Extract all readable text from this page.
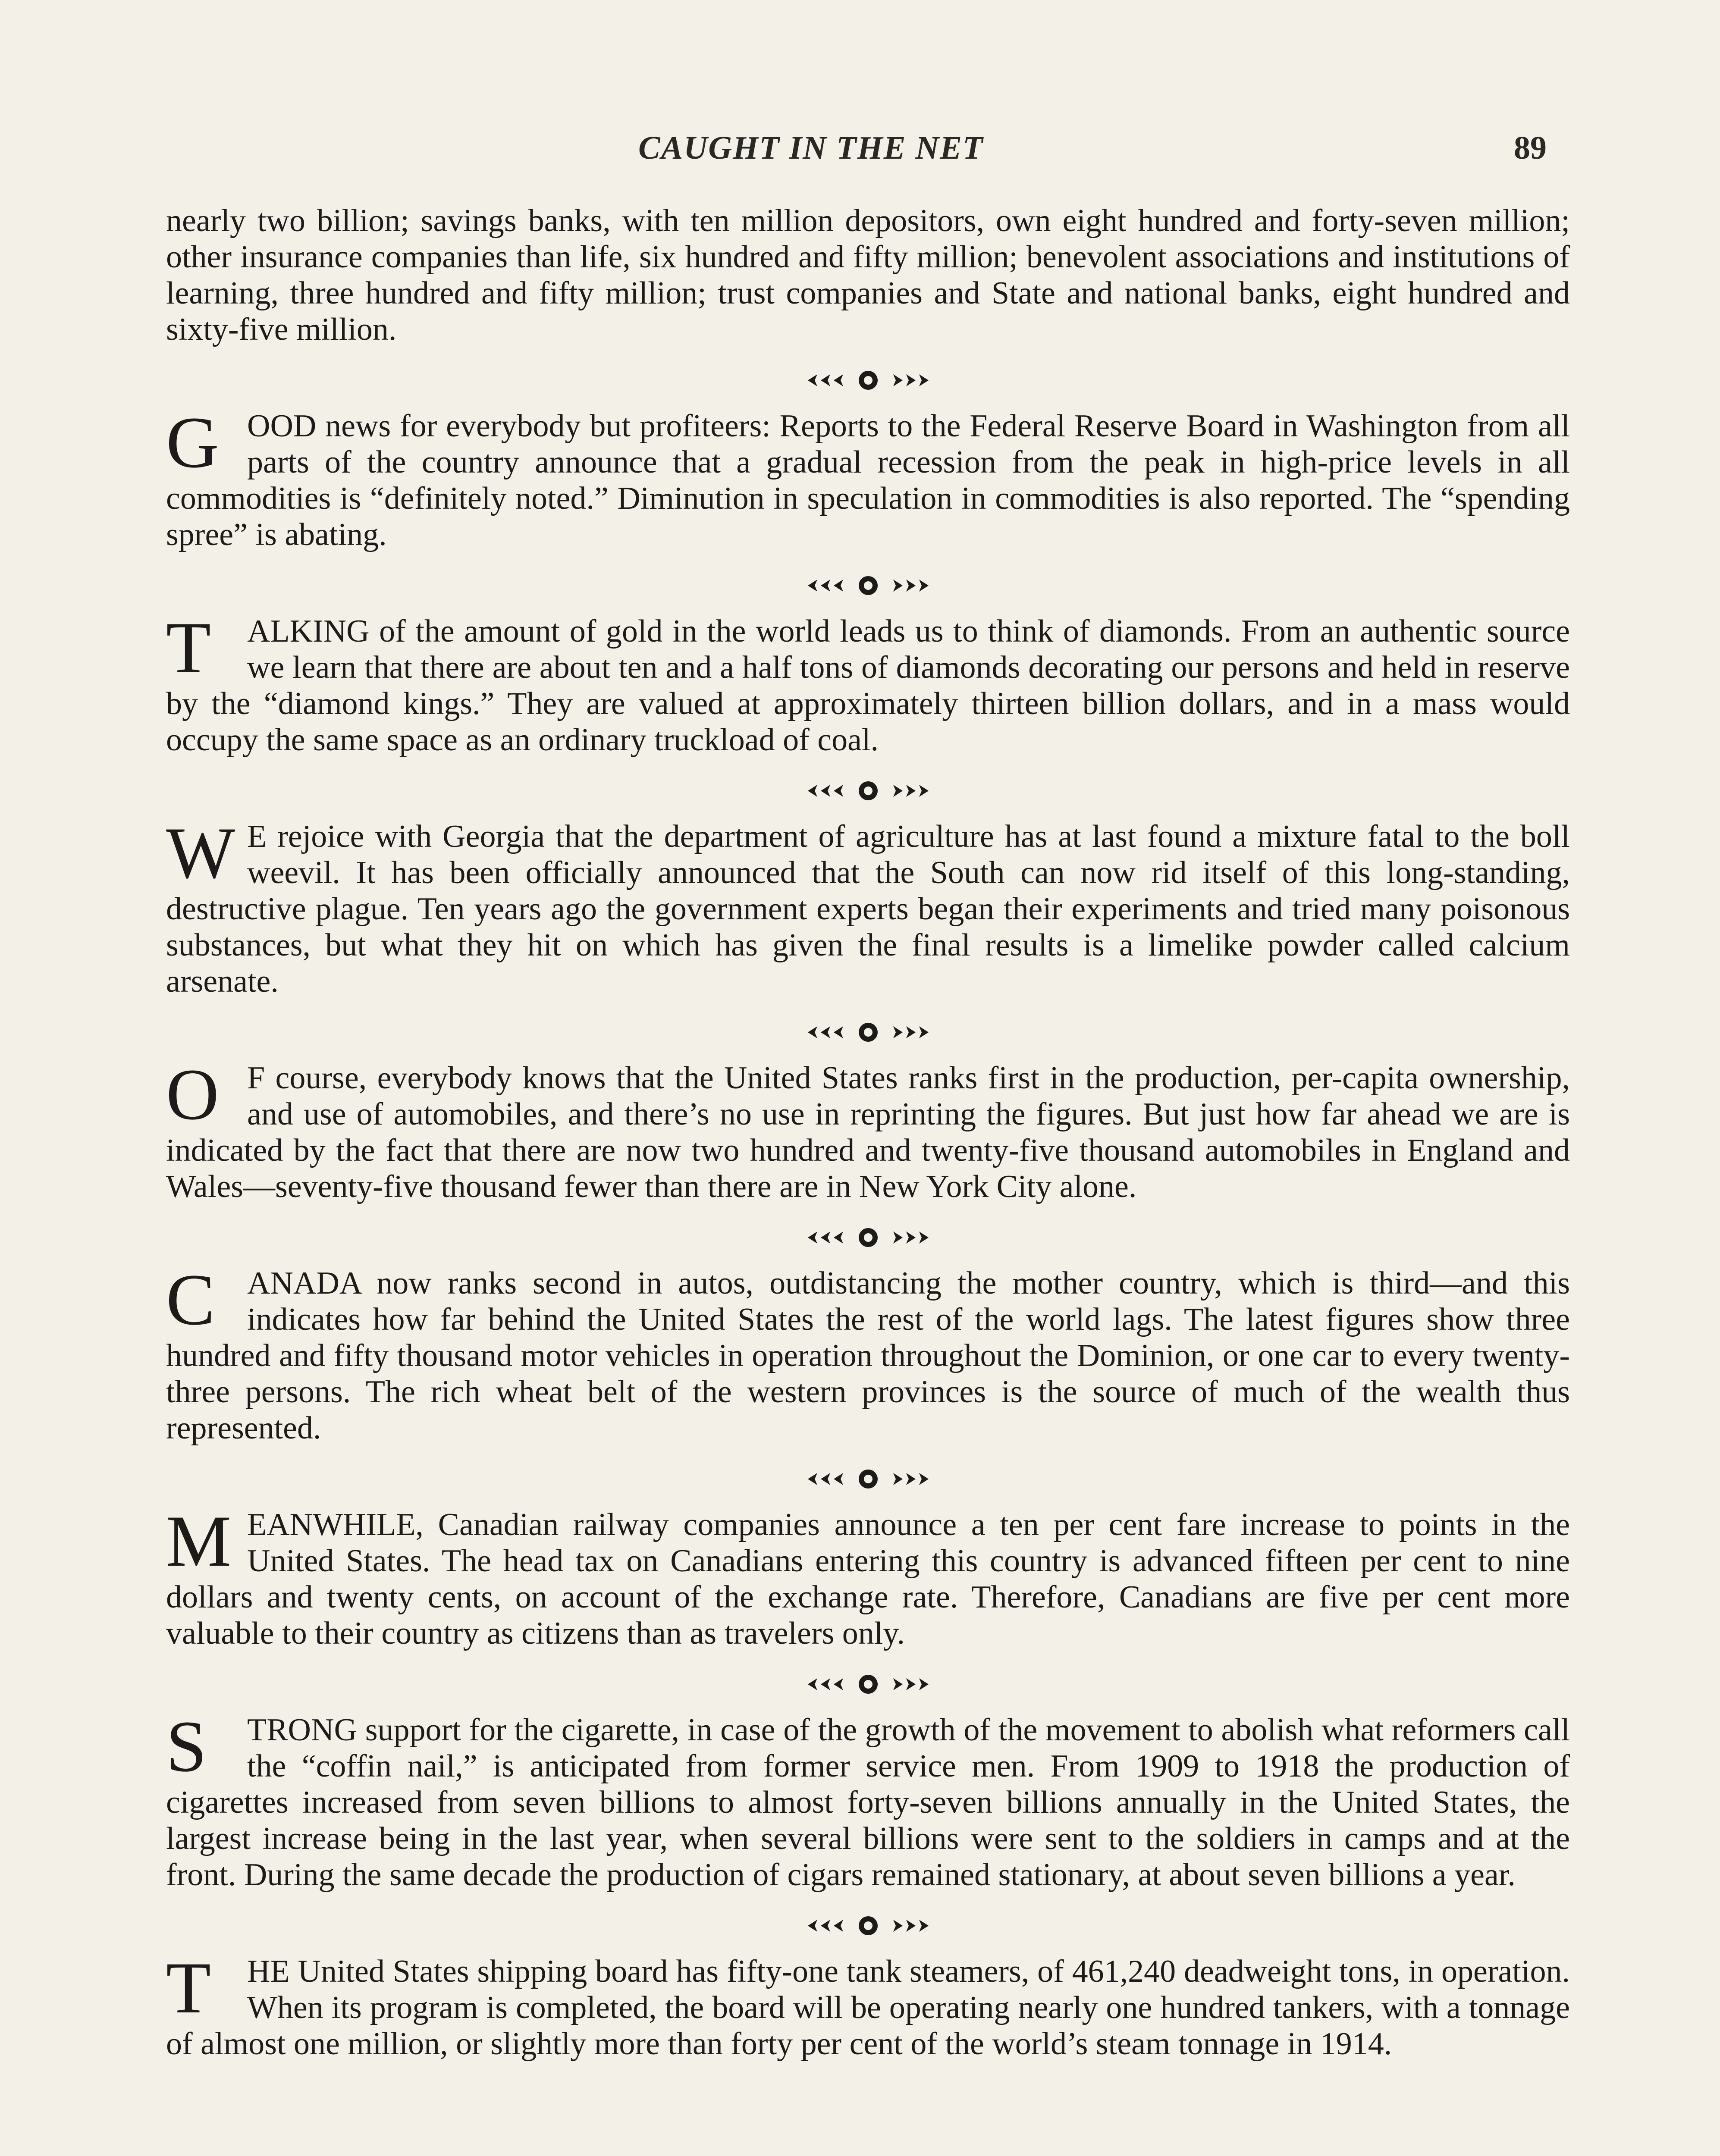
CAUGHT IN THE NET	89

nearly two billion; savings banks, with ten million depositors, own eight hundred and forty-seven million; other insurance companies than life, six hundred and fifty million; benevolent associations and institutions of learning, three hundred and fifty million; trust companies and State and national banks, eight hundred and sixty-five million.

GOOD news for everybody but profiteers: Reports to the Federal Reserve Board in Washington from all parts of the country announce that a gradual recession from the peak in high-price levels in all commodities is “definitely noted.” Diminution in speculation in commodities is also reported. The “spending spree” is abating.

T	ALKING of the amount of gold in the world leads us to think of diamonds. From an authentic source we learn that there are about ten and a half tons of diamonds decorating our persons and held in reserve by the “diamond kings.” They are valued at approximately thirteen billion dollars, and in a mass would occupy the same space as an ordinary truckload of coal.

W E rejoice with Georgia that the department of agriculture has at last found a mixture fatal to the boll weevil. It has been officially announced that the South can now rid itself of this long-standing, destructive plague. Ten years ago the government experts began their experiments and tried many poisonous substances, but what they hit on which has given the final results is a limelike powder called calcium arsenate.

O F course, everybody knows that the United States ranks first in the production, per-capita ownership, and use of automobiles, and there’s no use in reprinting the figures. But just how far ahead we are is indicated by the fact that there are now two hundred and twenty-five thousand automobiles in England and Wales—seventy-five thousand fewer than there are in New York City alone.

C	ANADA now ranks second in autos, outdistancing the mother country, which is third—and this indicates how far behind the United States the rest of the world lags. The latest figures show three hundred and fifty thousand motor vehicles in operation throughout the Dominion, or one car to every twenty-three persons. The rich wheat belt of the western provinces is the source of much of the wealth thus represented.

MEANWHILE, Canadian railway companies announce a ten per cent fare increase to points in the United States. The head tax on Canadians entering this country is advanced fifteen per cent to nine dollars and twenty cents, on account of the exchange rate. Therefore, Canadians are five per cent more valuable to their country as citizens than as travelers only.

S	TRONG support for the cigarette, in case of the growth of the movement to abolish what reformers call the “coffin nail,” is anticipated from former service men. From 1909 to 1918 the production of cigarettes increased from seven billions to almost forty-seven billions annually in the United States, the largest increase being in the last year, when several billions were sent to the soldiers in camps and at the front. During the same decade the production of cigars remained stationary, at about seven billions a year.

T	HE United States shipping board has fifty-one tank steamers, of 461,240 deadweight tons, in operation. When its program is completed, the board will be operating nearly one hundred tankers, with a tonnage of almost one million, or slightly more than forty per cent of the world’s steam tonnage in 1914.
